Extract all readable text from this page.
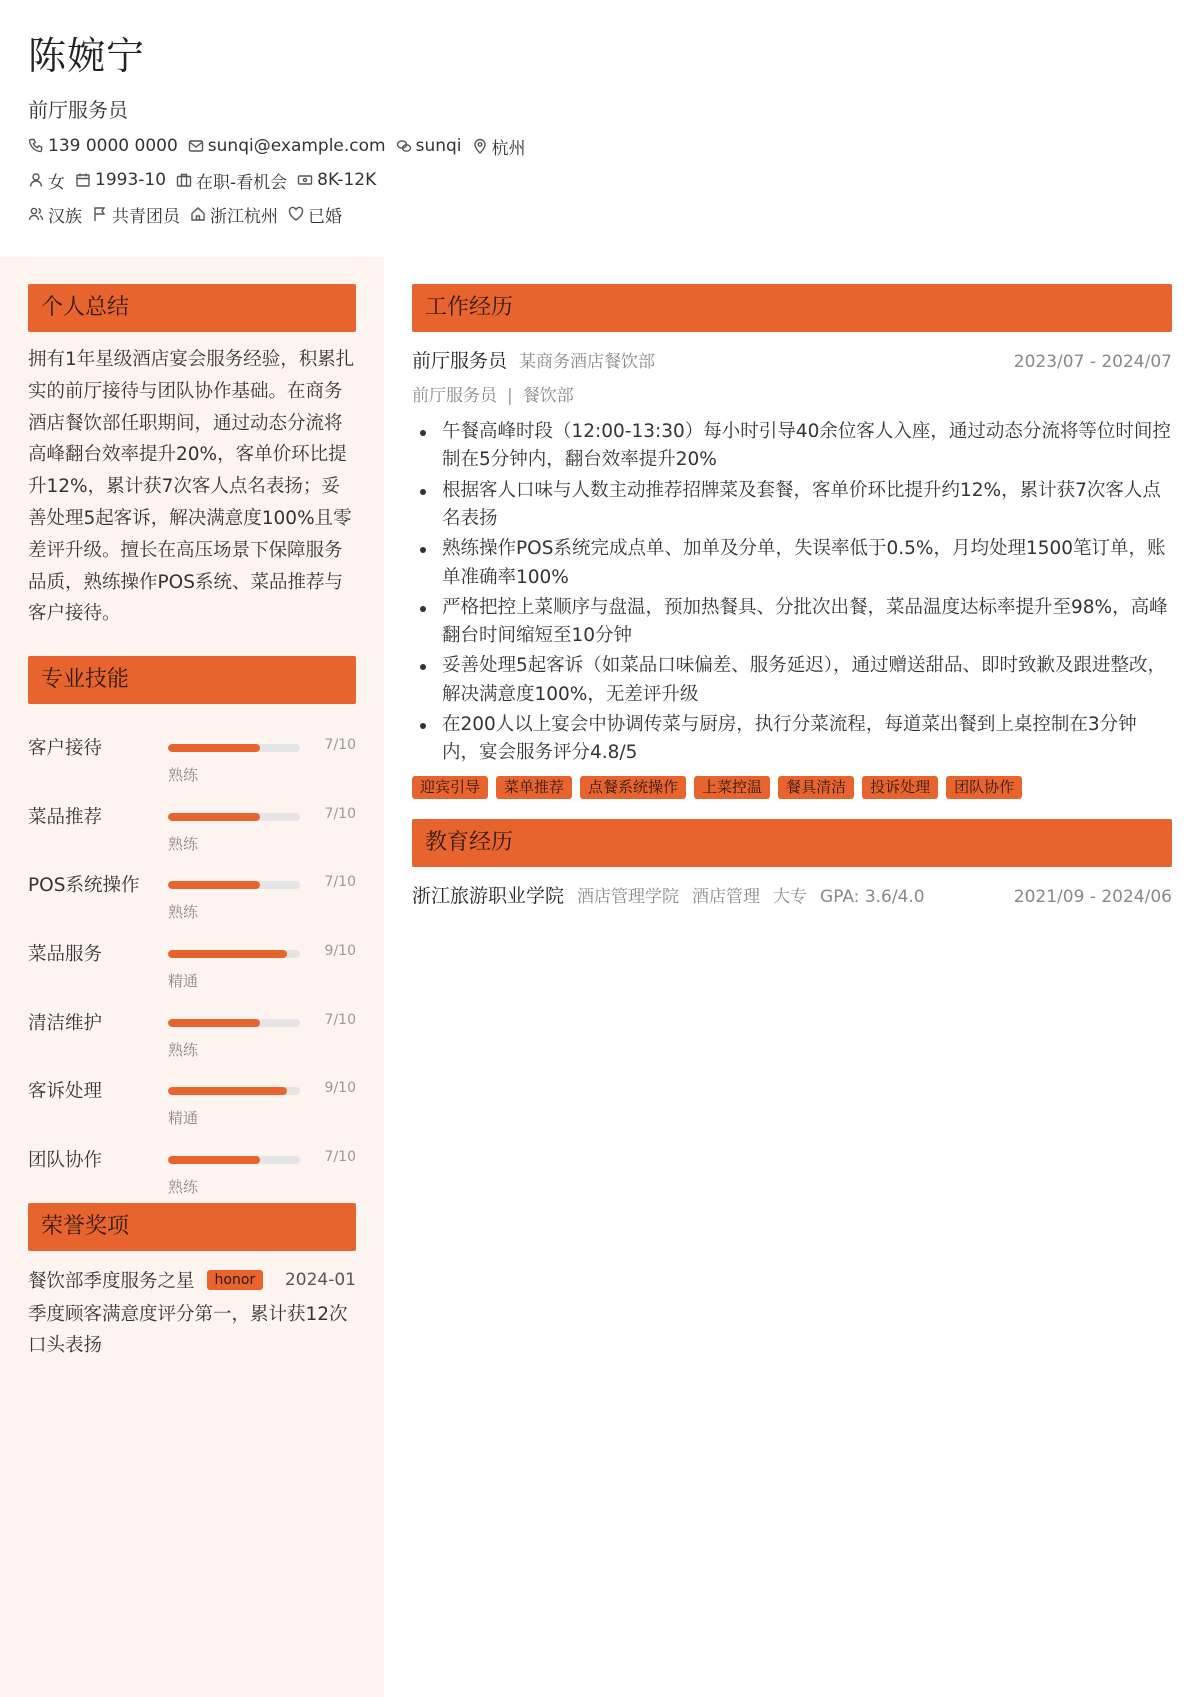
陈婉宁
前厅服务员
139 0000 0000 sunqi@example.com sunqi 杭州
女 1993-10 在职-看机会 8K-12K
汉族 共青团员 浙江杭州 已婚
个人总结
拥有1年星级酒店宴会服务经验，积累扎实的前厅接待与团队协作基础。在商务酒店餐饮部任职期间，通过动态分流将高峰翻台效率提升20%，客单价环比提升12%，累计获7次客人点名表扬；妥善处理5起客诉，解决满意度100%且零差评升级。擅长在高压场景下保障服务品质，熟练操作POS系统、菜品推荐与客户接待。
专业技能
客户接待	7/10
熟练
菜品推荐	7/10
熟练
POS系统操作	7/10
熟练
菜品服务	9/10
精通
清洁维护	7/10
熟练
客诉处理	9/10
精通
团队协作	7/10
熟练
荣誉奖项
餐饮部季度服务之星	honor	2024-01
季度顾客满意度评分第一，累计获12次口头表扬
工作经历
前厅服务员 某商务酒店餐饮部	2023/07 - 2024/07
前厅服务员 | 餐饮部
午餐高峰时段（12:00-13:30）每小时引导40余位客人入座，通过动态分流将等位时间控制在5分钟内，翻台效率提升20%
根据客人口味与人数主动推荐招牌菜及套餐，客单价环比提升约12%，累计获7次客人点名表扬
熟练操作POS系统完成点单、加单及分单，失误率低于0.5%，月均处理1500笔订单，账单准确率100%
严格把控上菜顺序与盘温，预加热餐具、分批次出餐，菜品温度达标率提升至98%，高峰翻台时间缩短至10分钟
妥善处理5起客诉（如菜品口味偏差、服务延迟），通过赠送甜品、即时致歉及跟进整改，解决满意度100%，无差评升级
在200人以上宴会中协调传菜与厨房，执行分菜流程，每道菜出餐到上桌控制在3分钟内，宴会服务评分4.8/5
迎宾引导	菜单推荐	点餐系统操作	上菜控温	餐具清洁	投诉处理	团队协作
教育经历
浙江旅游职业学院 酒店管理学院 酒店管理 大专 GPA: 3.6/4.0	2021/09 - 2024/06
